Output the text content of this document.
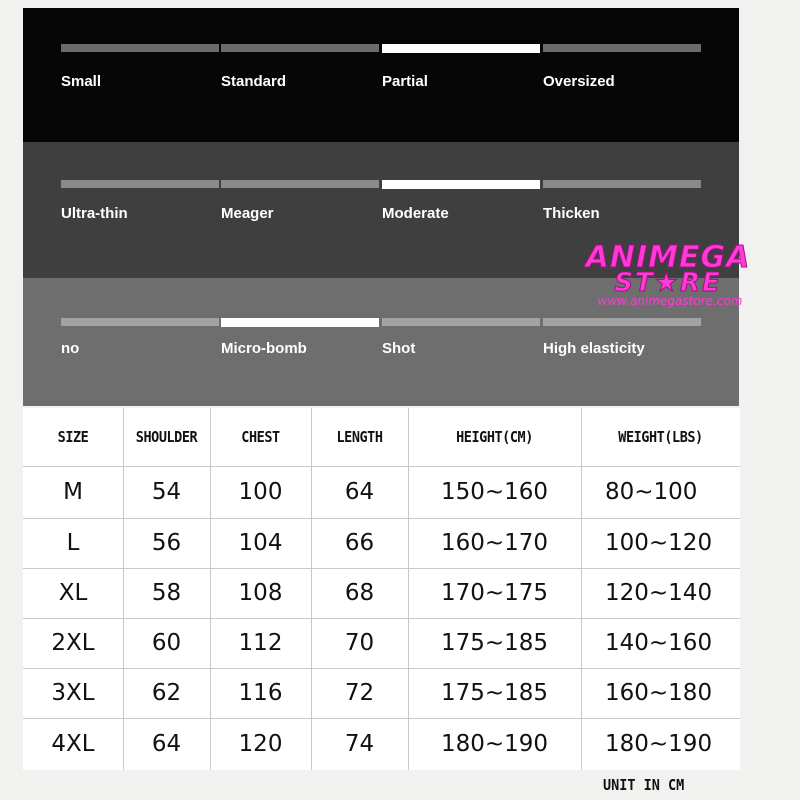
Small	Standard	Partial	Oversized
Ultra-thin	Meager	Moderate	Thicken
no	Micro-bomb	Shot	High elasticity
ANIMEGA
ST★RE
www.animegastore.com
SIZE	SHOULDER	CHEST	LENGTH	HEIGHT(CM)	WEIGHT(LBS)
M	54	100	64	150~160	80~100
L	56	104	66	160~170	100~120
XL	58	108	68	170~175	120~140
2XL	60	112	70	175~185	140~160
3XL	62	116	72	175~185	160~180
4XL	64	120	74	180~190	180~190
UNIT IN CM
